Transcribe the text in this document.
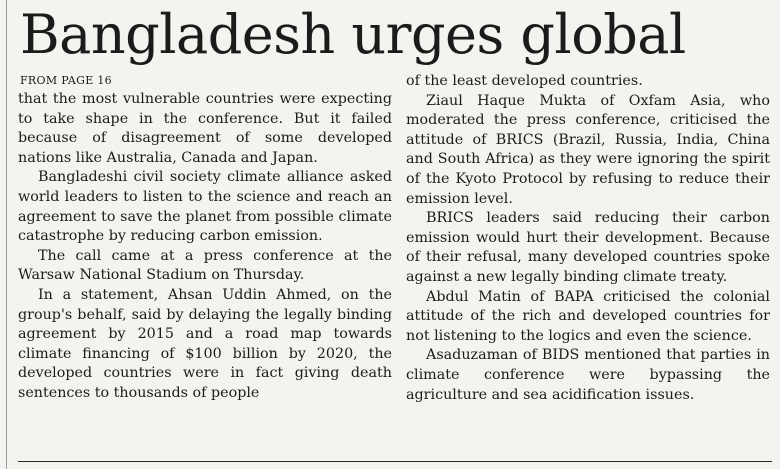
Bangladesh urges global
FROM PAGE 16

that the most vulnerable countries were expecting to take shape in the conference. But it failed because of disagreement of some developed nations like Australia, Canada and Japan.

Bangladeshi civil society climate alliance asked world leaders to listen to the science and reach an agreement to save the planet from possible climate catastrophe by reducing carbon emission.

The call came at a press conference at the Warsaw National Stadium on Thursday.

In a statement, Ahsan Uddin Ahmed, on the group's behalf, said by delaying the legally binding agreement by 2015 and a road map towards climate financing of $100 billion by 2020, the developed countries were in fact giving death sentences to thousands of people

of the least developed countries.

Ziaul Haque Mukta of Oxfam Asia, who moderated the press conference, criticised the attitude of BRICS (Brazil, Russia, India, China and South Africa) as they were ignoring the spirit of the Kyoto Protocol by refusing to reduce their emission level.

BRICS leaders said reducing their carbon emission would hurt their development. Because of their refusal, many developed countries spoke against a new legally binding climate treaty.

Abdul Matin of BAPA criticised the colonial attitude of the rich and developed countries for not listening to the logics and even the science.

Asaduzaman of BIDS mentioned that parties in climate conference were bypassing the agriculture and sea acidification issues.
